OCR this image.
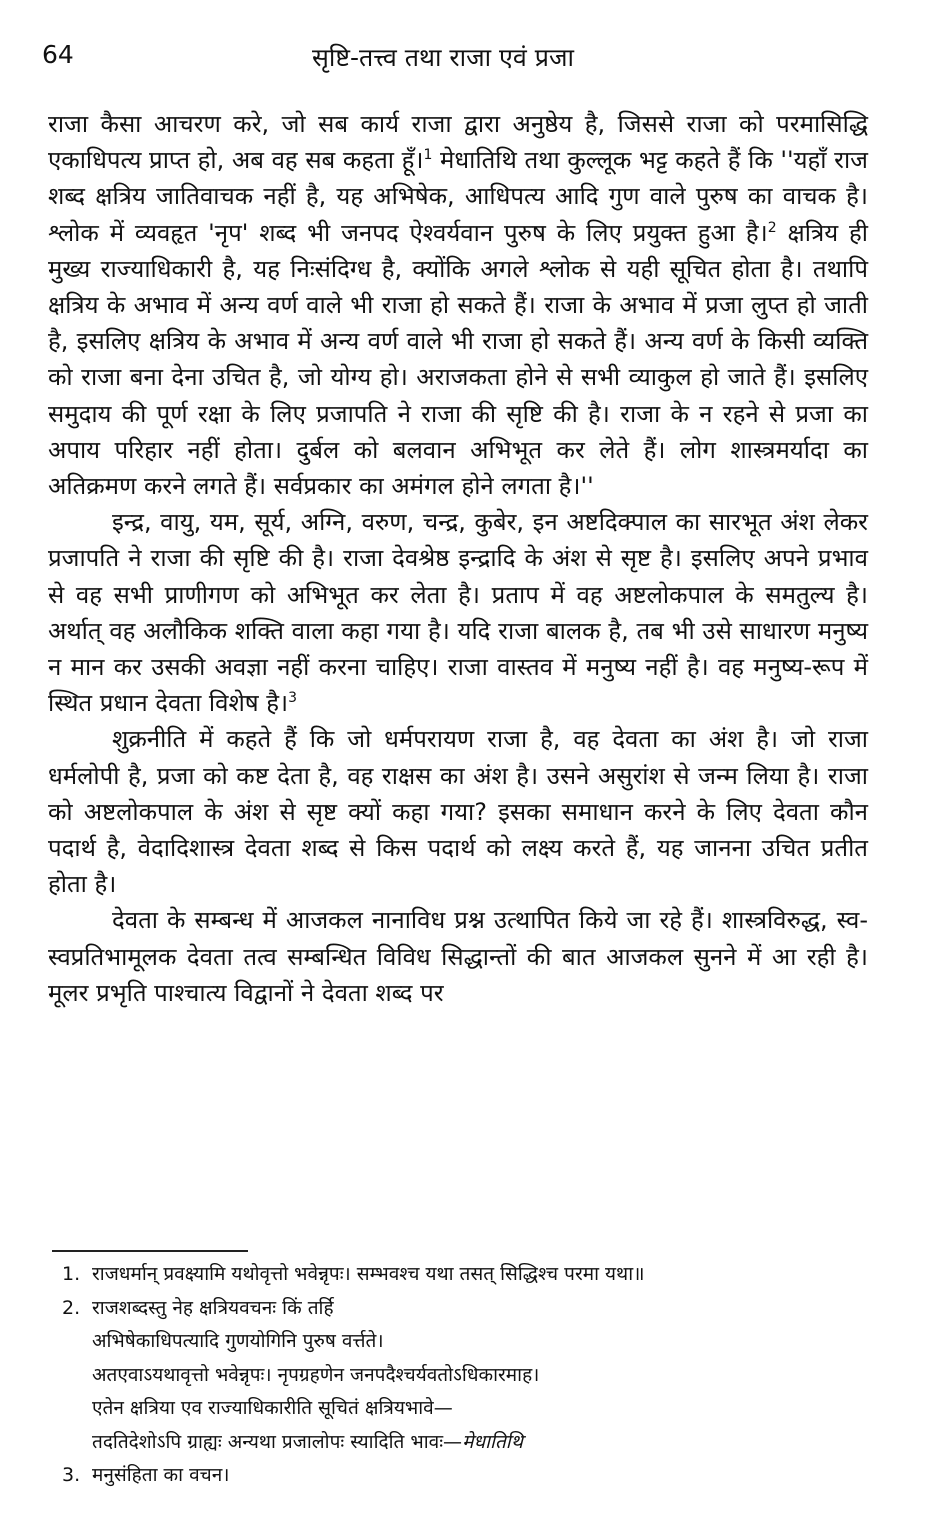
64	सृष्टि-तत्त्व तथा राजा एवं प्रजा

राजा कैसा आचरण करे, जो सब कार्य राजा द्वारा अनुष्ठेय है, जिससे राजा को परमासिद्धि एकाधिपत्य प्राप्त हो, अब वह सब कहता हूँ।$^1$ मेधातिथि तथा कुल्लूक भट्ट कहते हैं कि ''यहाँ राज शब्द क्षत्रिय जातिवाचक नहीं है, यह अभिषेक, आधिपत्य आदि गुण वाले पुरुष का वाचक है। श्लोक में व्यवहृत 'नृप' शब्द भी जनपद ऐश्वर्यवान पुरुष के लिए प्रयुक्त हुआ है।$^2$ क्षत्रिय ही मुख्य राज्याधिकारी है, यह निःसंदिग्ध है, क्योंकि अगले श्लोक से यही सूचित होता है। तथापि क्षत्रिय के अभाव में अन्य वर्ण वाले भी राजा हो सकते हैं। राजा के अभाव में प्रजा लुप्त हो जाती है, इसलिए क्षत्रिय के अभाव में अन्य वर्ण वाले भी राजा हो सकते हैं। अन्य वर्ण के किसी व्यक्ति को राजा बना देना उचित है, जो योग्य हो। अराजकता होने से सभी व्याकुल हो जाते हैं। इसलिए समुदाय की पूर्ण रक्षा के लिए प्रजापति ने राजा की सृष्टि की है। राजा के न रहने से प्रजा का अपाय परिहार नहीं होता। दुर्बल को बलवान अभिभूत कर लेते हैं। लोग शास्त्रमर्यादा का अतिक्रमण करने लगते हैं। सर्वप्रकार का अमंगल होने लगता है।''

इन्द्र, वायु, यम, सूर्य, अग्नि, वरुण, चन्द्र, कुबेर, इन अष्टदिक्पाल का सारभूत अंश लेकर प्रजापति ने राजा की सृष्टि की है। राजा देवश्रेष्ठ इन्द्रादि के अंश से सृष्ट है। इसलिए अपने प्रभाव से वह सभी प्राणीगण को अभिभूत कर लेता है। प्रताप में वह अष्टलोकपाल के समतुल्य है। अर्थात् वह अलौकिक शक्ति वाला कहा गया है। यदि राजा बालक है, तब भी उसे साधारण मनुष्य न मान कर उसकी अवज्ञा नहीं करना चाहिए। राजा वास्तव में मनुष्य नहीं है। वह मनुष्य-रूप में स्थित प्रधान देवता विशेष है।$^3$

शुक्रनीति में कहते हैं कि जो धर्मपरायण राजा है, वह देवता का अंश है। जो राजा धर्मलोपी है, प्रजा को कष्ट देता है, वह राक्षस का अंश है। उसने असुरांश से जन्म लिया है। राजा को अष्टलोकपाल के अंश से सृष्ट क्यों कहा गया? इसका समाधान करने के लिए देवता कौन पदार्थ है, वेदादिशास्त्र देवता शब्द से किस पदार्थ को लक्ष्य करते हैं, यह जानना उचित प्रतीत होता है।

देवता के सम्बन्ध में आजकल नानाविध प्रश्न उत्थापित किये जा रहे हैं। शास्त्रविरुद्ध, स्व-स्वप्रतिभामूलक देवता तत्व सम्बन्धित विविध सिद्धान्तों की बात आजकल सुनने में आ रही है। मूलर प्रभृति पाश्चात्य विद्वानों ने देवता शब्द पर

1. राजधर्मान् प्रवक्ष्यामि यथोवृत्तो भवेन्नृपः। सम्भवश्च यथा तसत् सिद्धिश्च परमा यथा॥
2. राजशब्दस्तु नेह क्षत्रियवचनः किं तर्हि
अभिषेकाधिपत्यादि गुणयोगिनि पुरुष वर्त्तते।
अतएवाऽयथावृत्तो भवेन्नृपः। नृपग्रहणेन जनपदैश्चर्यवतोऽधिकारमाह।
एतेन क्षत्रिया एव राज्याधिकारीति सूचितं क्षत्रियभावे—
तदतिदेशोऽपि ग्राह्यः अन्यथा प्रजालोपः स्यादिति भावः—मेधातिथि
3. मनुसंहिता का वचन।
